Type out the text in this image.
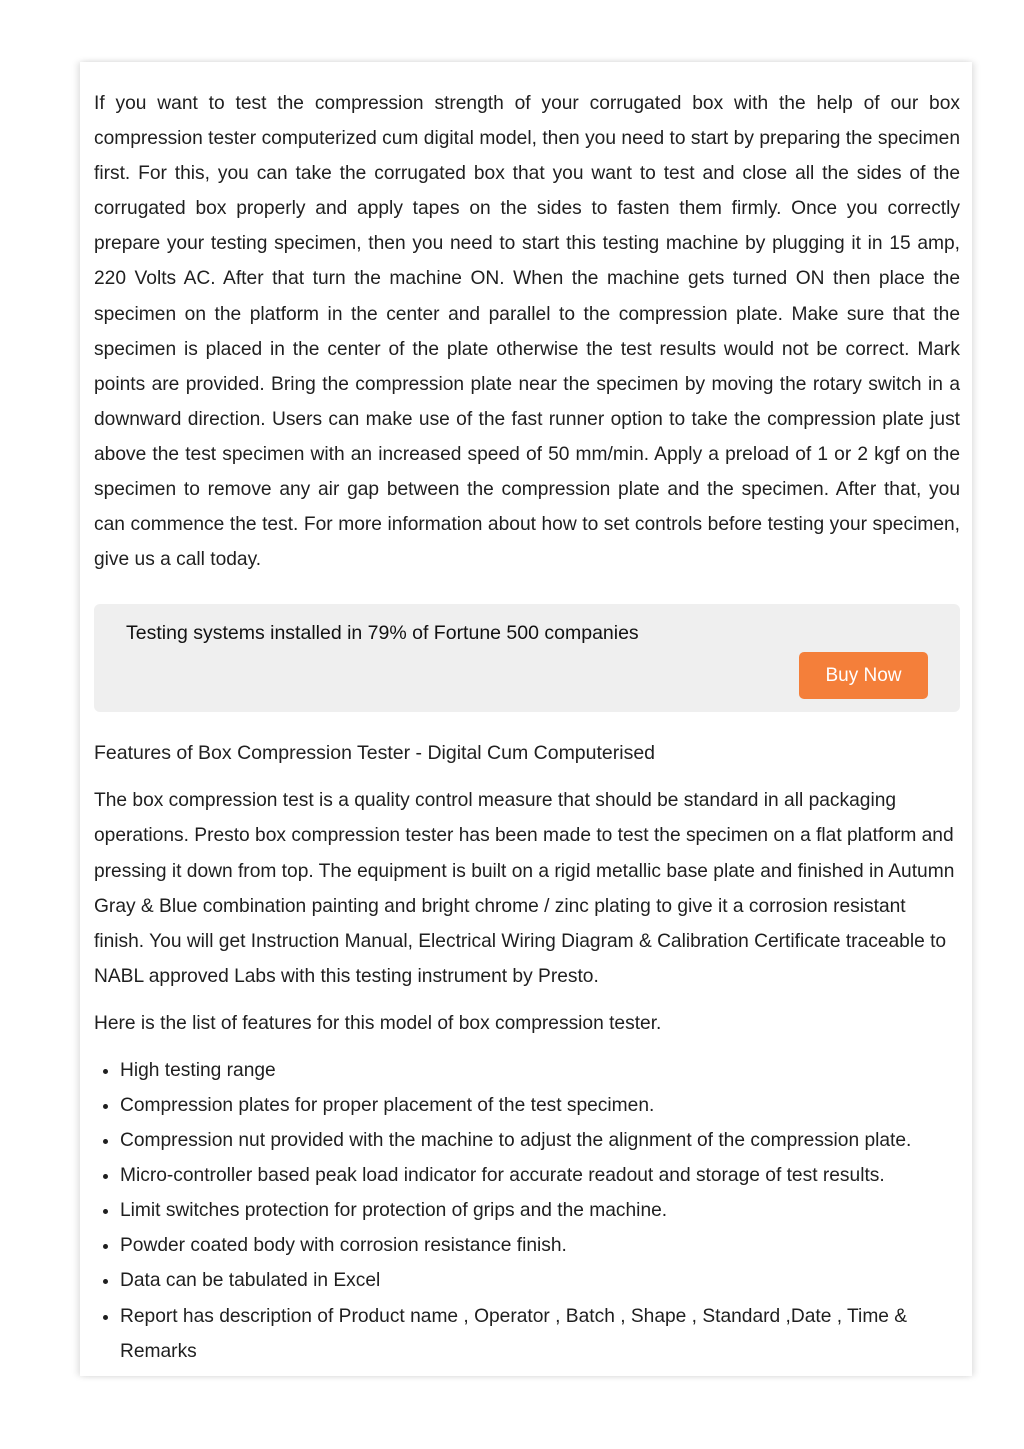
If you want to test the compression strength of your corrugated box with the help of our box compression tester computerized cum digital model, then you need to start by preparing the specimen first. For this, you can take the corrugated box that you want to test and close all the sides of the corrugated box properly and apply tapes on the sides to fasten them firmly. Once you correctly prepare your testing specimen, then you need to start this testing machine by plugging it in 15 amp, 220 Volts AC. After that turn the machine ON. When the machine gets turned ON then place the specimen on the platform in the center and parallel to the compression plate. Make sure that the specimen is placed in the center of the plate otherwise the test results would not be correct. Mark points are provided. Bring the compression plate near the specimen by moving the rotary switch in a downward direction. Users can make use of the fast runner option to take the compression plate just above the test specimen with an increased speed of 50 mm/min. Apply a preload of 1 or 2 kgf on the specimen to remove any air gap between the compression plate and the specimen. After that, you can commence the test. For more information about how to set controls before testing your specimen, give us a call today.

Testing systems installed in 79% of Fortune 500 companies
Buy Now
Features of Box Compression Tester - Digital Cum Computerised

The box compression test is a quality control measure that should be standard in all packaging operations. Presto box compression tester has been made to test the specimen on a flat platform and pressing it down from top. The equipment is built on a rigid metallic base plate and finished in Autumn Gray & Blue combination painting and bright chrome / zinc plating to give it a corrosion resistant finish. You will get Instruction Manual, Electrical Wiring Diagram & Calibration Certificate traceable to NABL approved Labs with this testing instrument by Presto.

Here is the list of features for this model of box compression tester.

• High testing range
• Compression plates for proper placement of the test specimen.
• Compression nut provided with the machine to adjust the alignment of the compression plate.
• Micro-controller based peak load indicator for accurate readout and storage of test results.
• Limit switches protection for protection of grips and the machine.
• Powder coated body with corrosion resistance finish.
• Data can be tabulated in Excel
• Report has description of Product name , Operator , Batch , Shape , Standard ,Date , Time & Remarks
